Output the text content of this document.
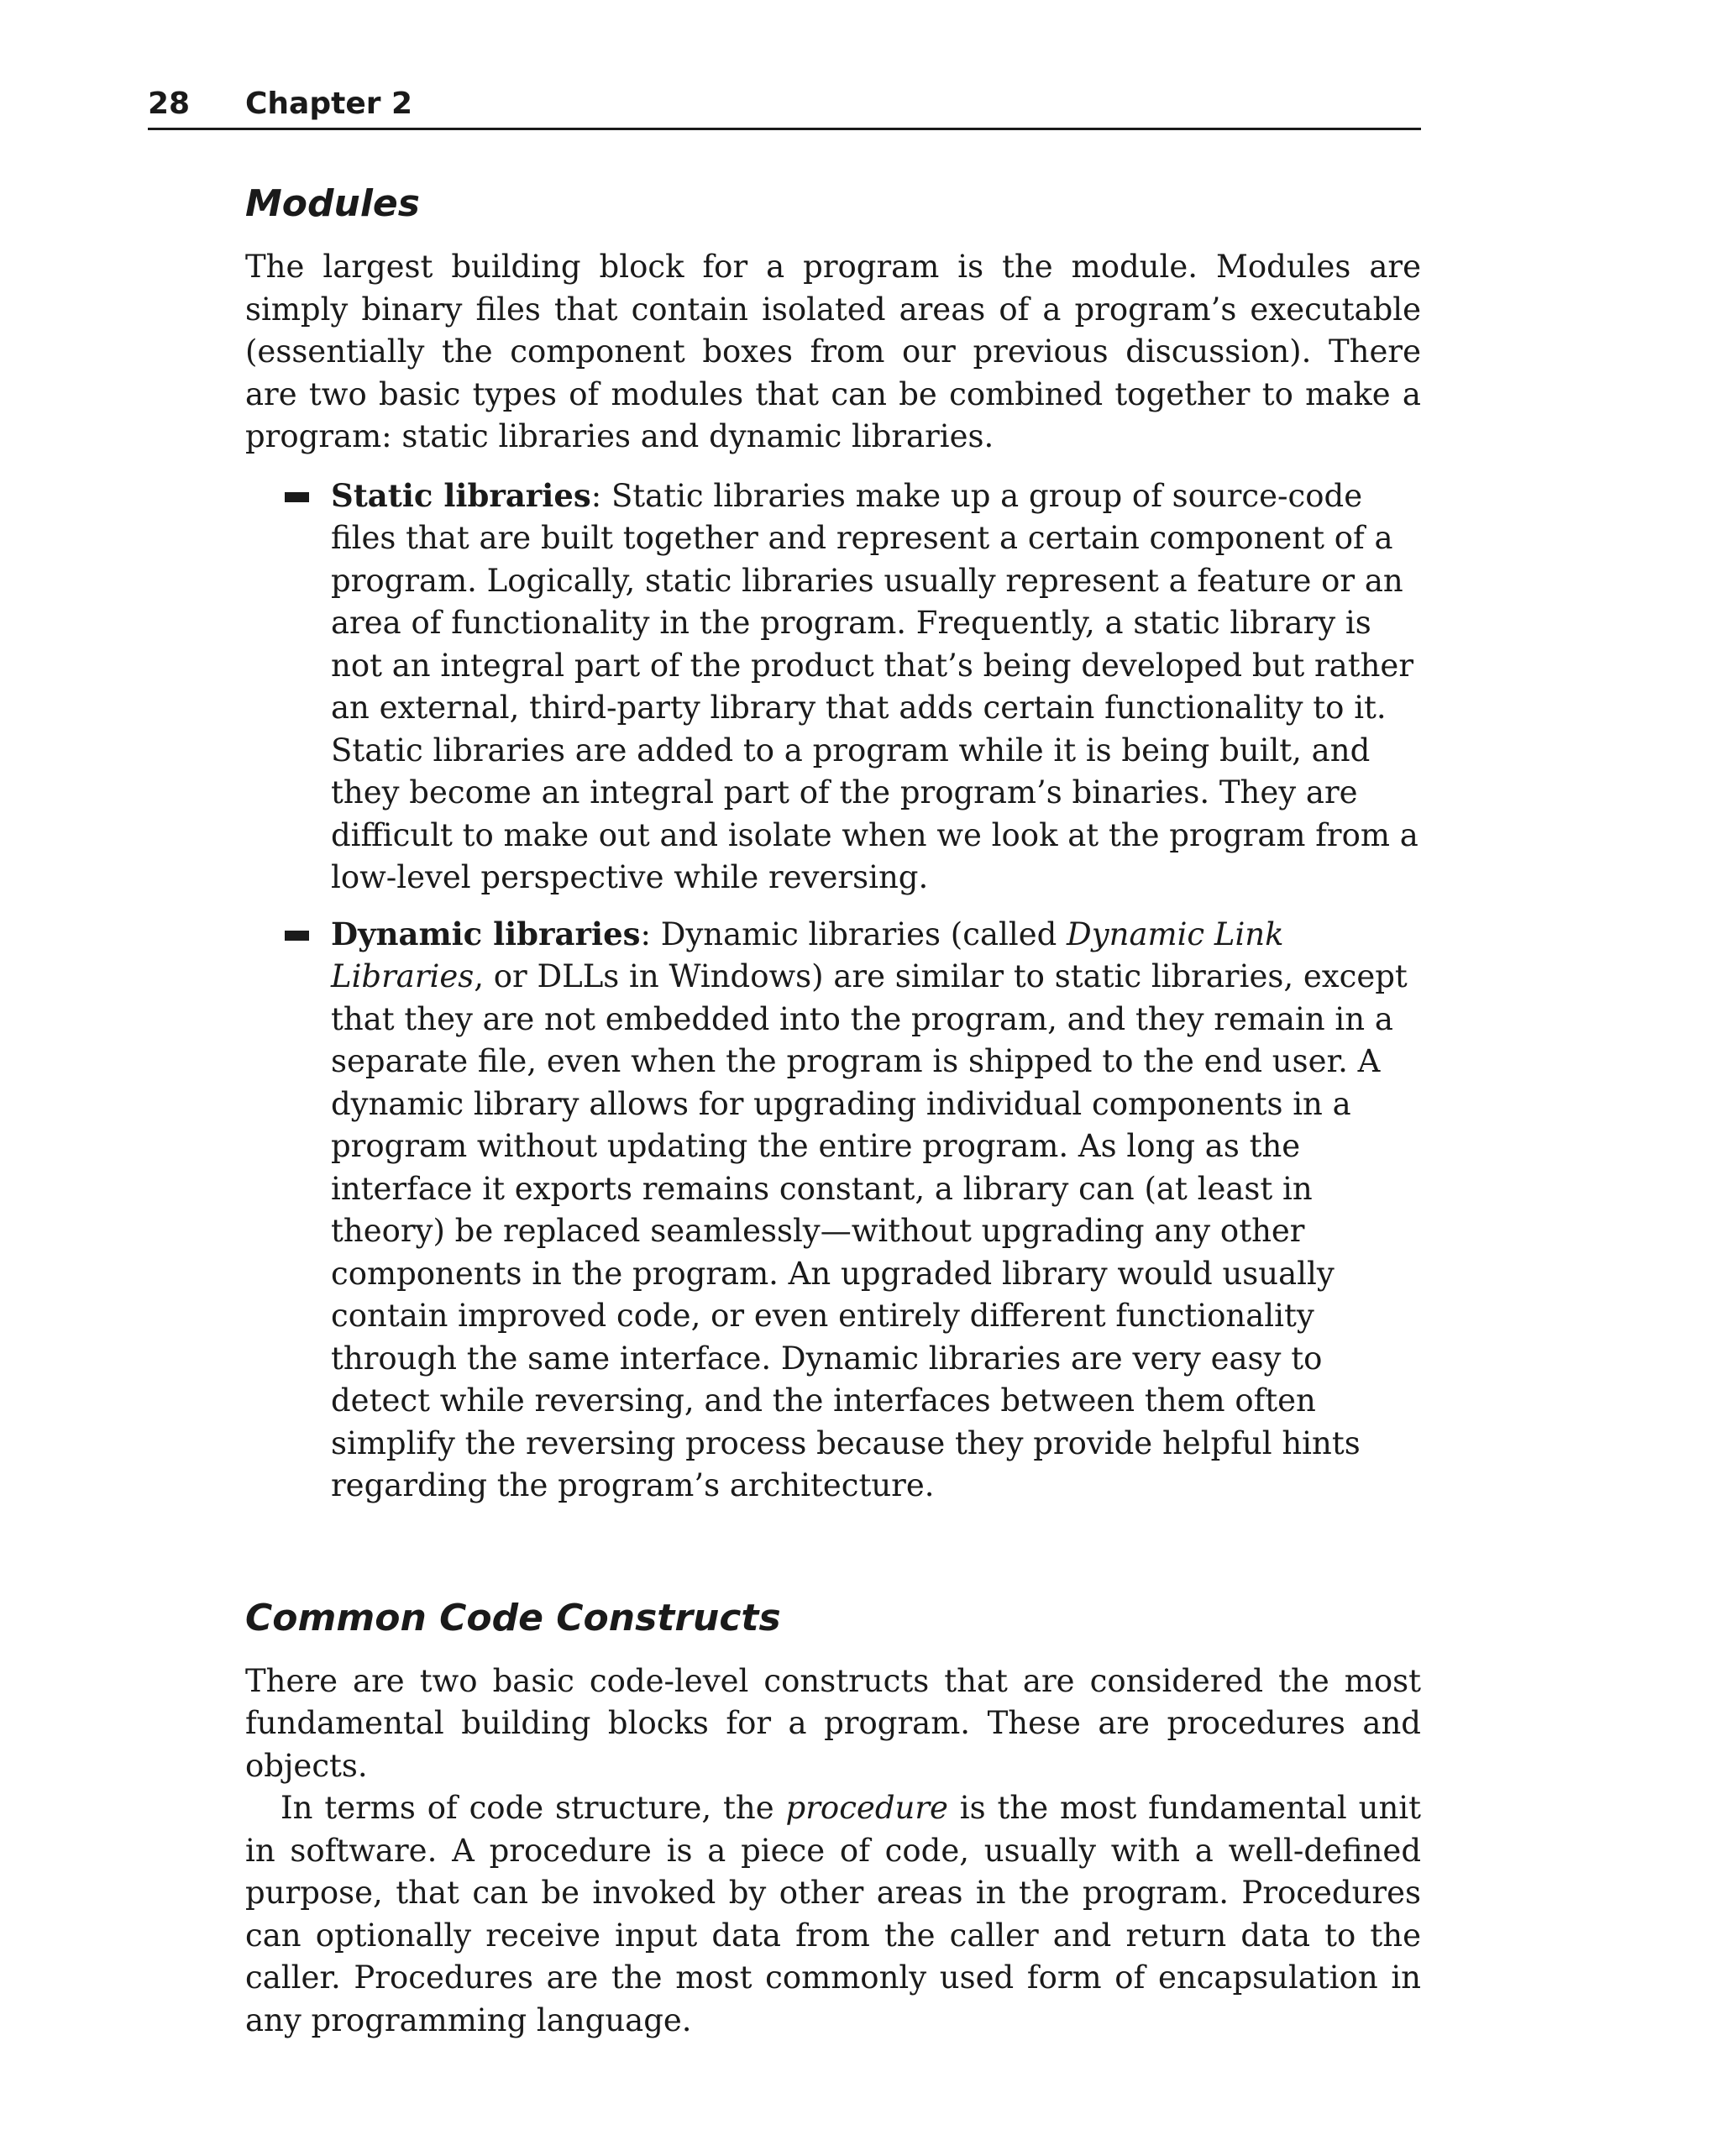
28 Chapter 2
Modules

The largest building block for a program is the module. Modules are simply binary files that contain isolated areas of a program’s executable (essentially the component boxes from our previous discussion). There are two basic types of modules that can be combined together to make a program: static libraries and dynamic libraries.

Static libraries: Static libraries make up a group of source-code files that are built together and represent a certain component of a program. Logically, static libraries usually represent a feature or an area of functionality in the program. Frequently, a static library is not an integral part of the product that’s being developed but rather an external, third-party library that adds certain functionality to it. Static libraries are added to a program while it is being built, and they become an integral part of the program’s binaries. They are difficult to make out and isolate when we look at the program from a low-level perspective while reversing.
Dynamic libraries: Dynamic libraries (called Dynamic Link Libraries, or DLLs in Windows) are similar to static libraries, except that they are not embedded into the program, and they remain in a separate file, even when the program is shipped to the end user. A dynamic library allows for upgrading individual components in a program without updating the entire program. As long as the interface it exports remains constant, a library can (at least in theory) be replaced seamlessly—without upgrading any other components in the program. An upgraded library would usually contain improved code, or even entirely different functionality through the same interface. Dynamic libraries are very easy to detect while reversing, and the interfaces between them often simplify the reversing process because they provide helpful hints regarding the program’s architecture.
Common Code Constructs

There are two basic code-level constructs that are considered the most fundamental building blocks for a program. These are procedures and objects.

In terms of code structure, the procedure is the most fundamental unit in software. A procedure is a piece of code, usually with a well-defined purpose, that can be invoked by other areas in the program. Procedures can optionally receive input data from the caller and return data to the caller. Procedures are the most commonly used form of encapsulation in any programming language.
